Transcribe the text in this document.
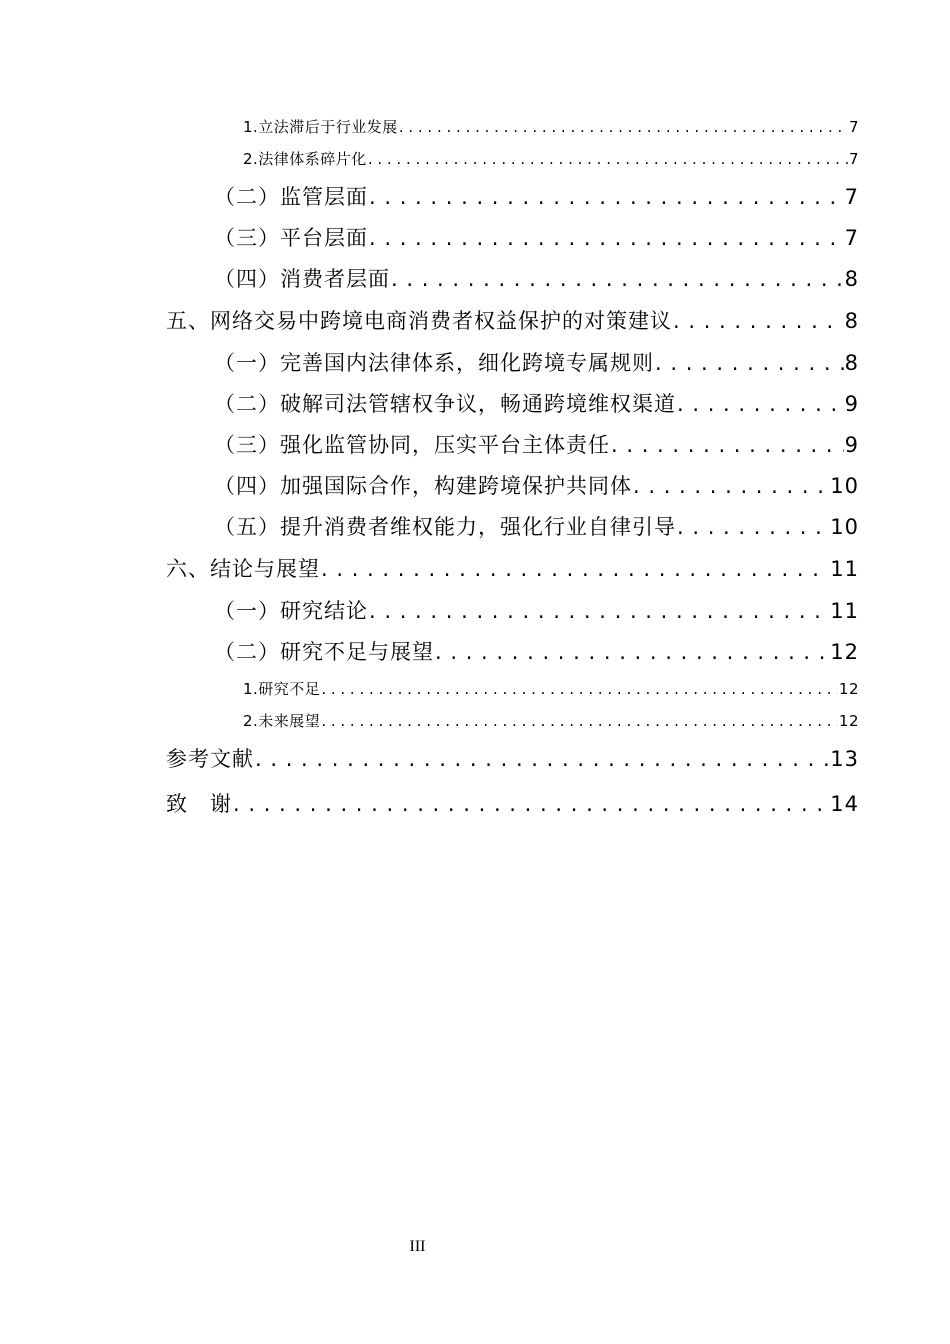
1.立法滞后于行业发展 . . .	7
2.法律体系碎片化 . . .	7
（二）监管层面 . . .	7
（三）平台层面 . . .	7
（四）消费者层面 . . .	8
五、网络交易中跨境电商消费者权益保护的对策建议 . . .	8
（一）完善国内法律体系，细化跨境专属规则 . . .	8
（二）破解司法管辖权争议，畅通跨境维权渠道 . . .	9
（三）强化监管协同，压实平台主体责任 . . .	9
（四）加强国际合作，构建跨境保护共同体 . . .	10
（五）提升消费者维权能力，强化行业自律引导 . . .	10
六、结论与展望 . . .	11
（一）研究结论 . . .	11
（二）研究不足与展望 . . .	12
1.研究不足 . . .	12
2.未来展望 . . .	12
参考文献 . . .	13
致　谢 . . .	14
III
